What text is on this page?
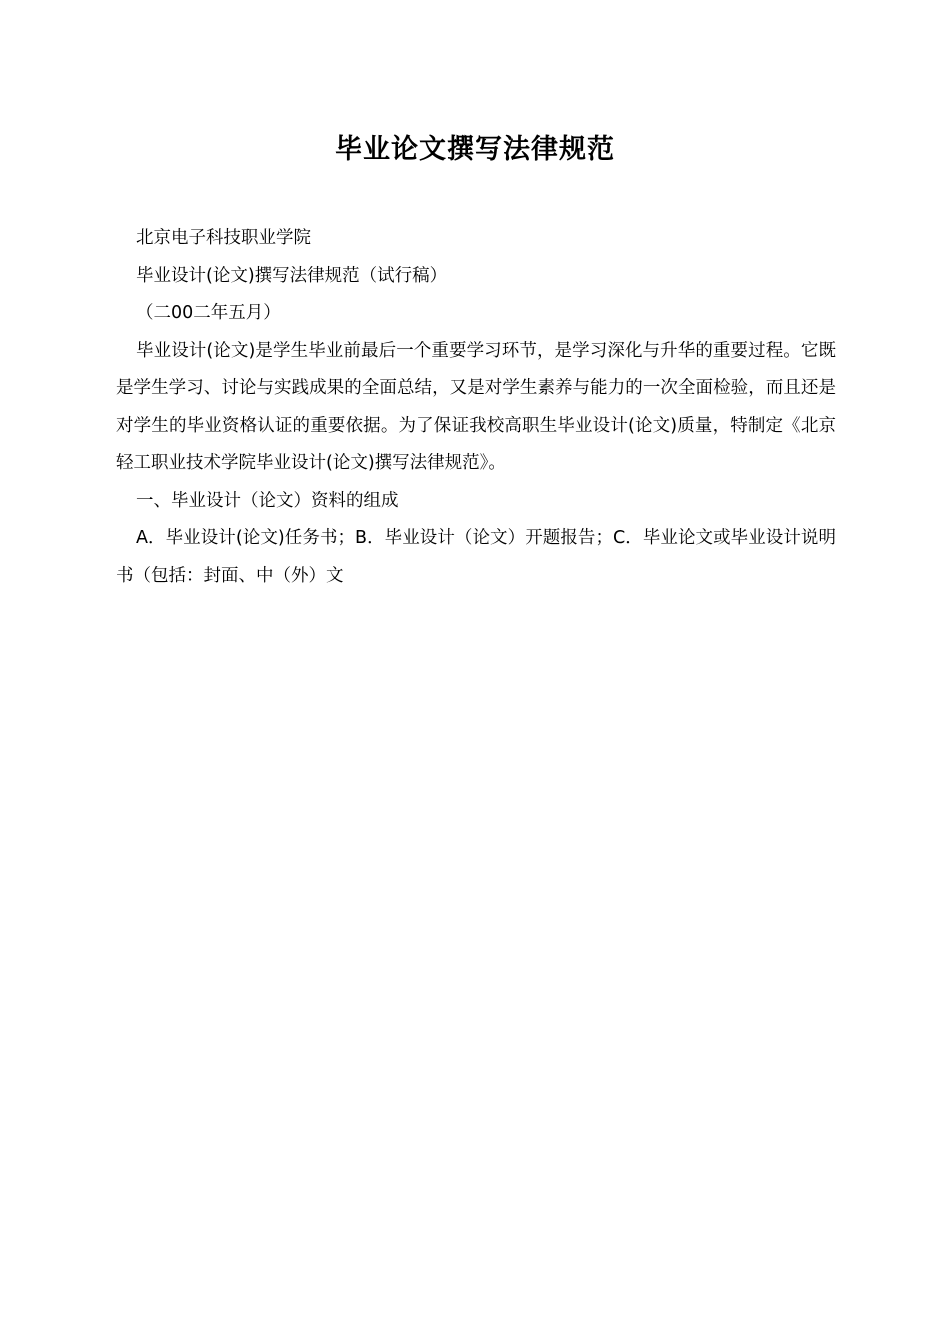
毕业论文撰写法律规范

北京电子科技职业学院

毕业设计(论文)撰写法律规范（试行稿）

（二00二年五月）

毕业设计(论文)是学生毕业前最后一个重要学习环节，是学习深化与升华的重要过程。它既是学生学习、讨论与实践成果的全面总结，又是对学生素养与能力的一次全面检验，而且还是对学生的毕业资格认证的重要依据。为了保证我校高职生毕业设计(论文)质量，特制定《北京轻工职业技术学院毕业设计(论文)撰写法律规范》。

一、毕业设计（论文）资料的组成

A．毕业设计(论文)任务书；B．毕业设计（论文）开题报告；C．毕业论文或毕业设计说明书（包括：封面、中（外）文
